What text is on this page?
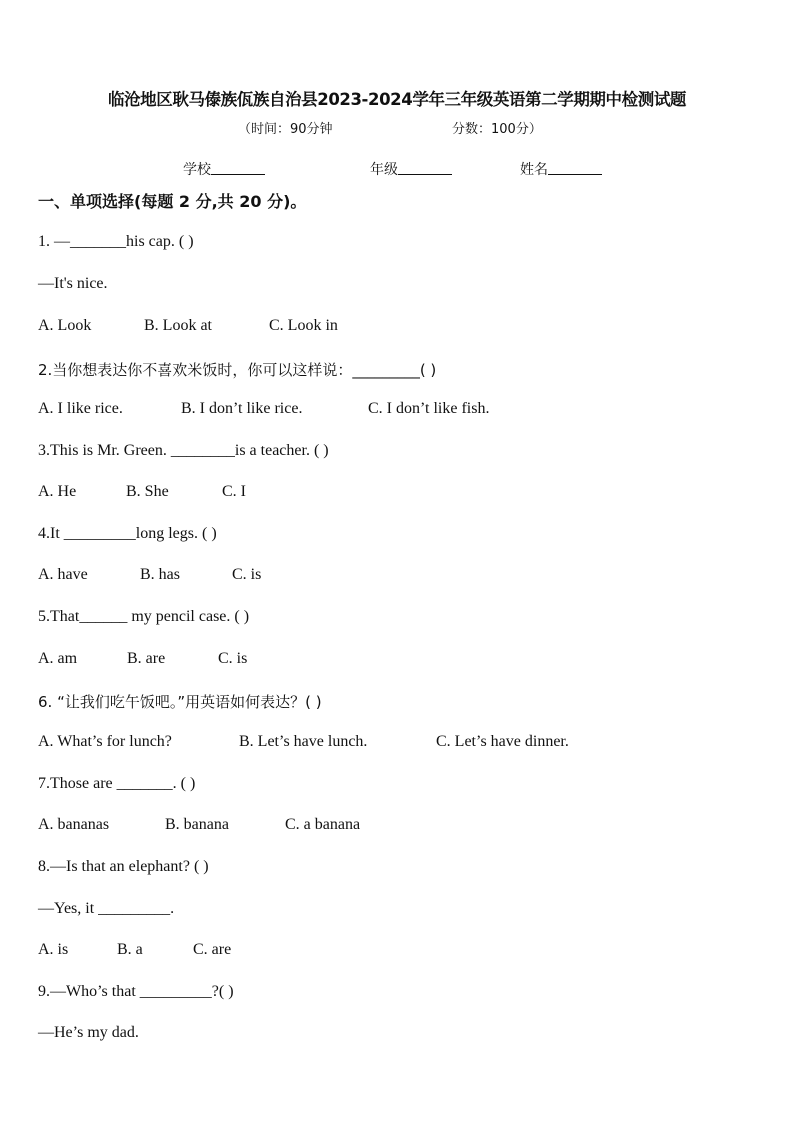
临沧地区耿马傣族佤族自治县2023-2024学年三年级英语第二学期期中检测试题
（时间：90分钟	分数：100分）
学校	年级	姓名
一、单项选择(每题 2 分,共 20 分)。
1. —_______his cap. ( )
—It's nice.
A. Look	B. Look at	C. Look in
2.当你想表达你不喜欢米饭时，你可以这样说：_________( )
A. I like rice.	B. I don’t like rice.	C. I don’t like fish.
3.This is Mr. Green. ________is a teacher. ( )
A. He	B. She	C. I
4.It _________long legs. ( )
A. have	B. has	C. is
5.That______ my pencil case. ( )
A. am	B. are	C. is
6. “让我们吃午饭吧。”用英语如何表达？( )
A. What’s for lunch?	B. Let’s have lunch.	C. Let’s have dinner.
7.Those are _______. ( )
A. bananas	B. banana	C. a banana
8.—Is that an elephant? ( )
—Yes, it _________.
A. is	B. a	C. are
9.—Who’s that _________?( )
—He’s my dad.
